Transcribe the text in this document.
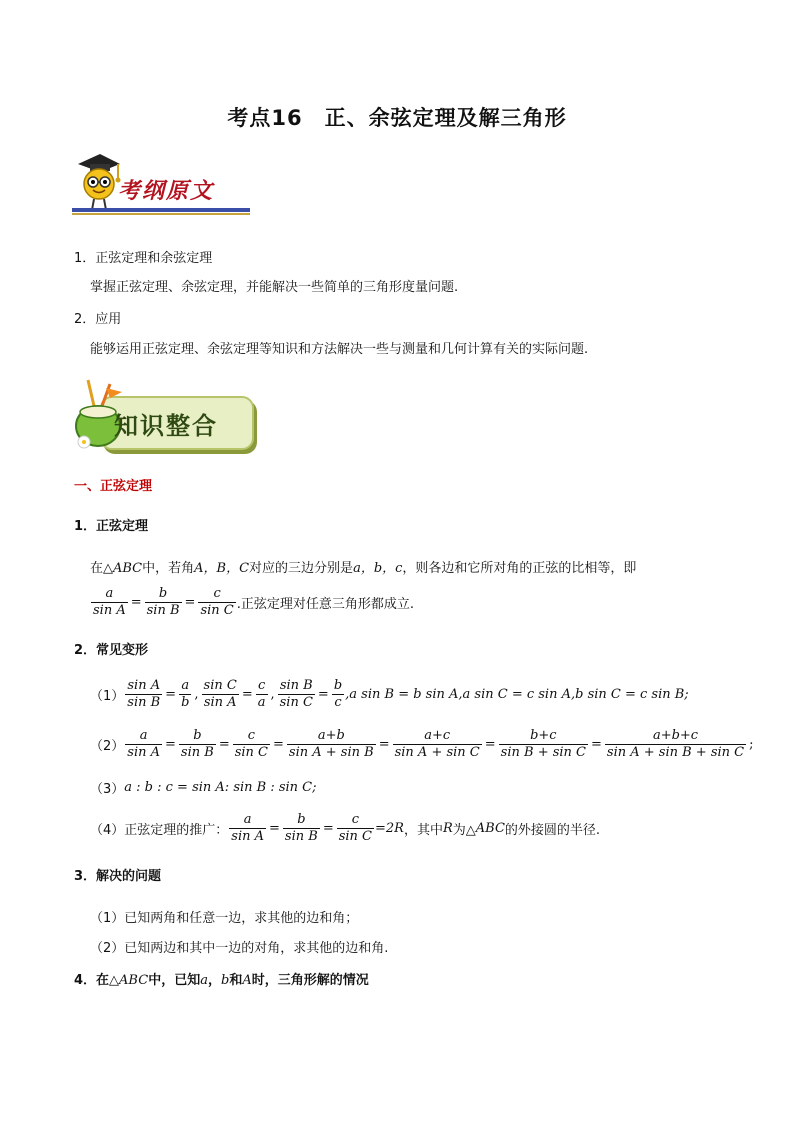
考点16　正、余弦定理及解三角形
考纲原文
1．正弦定理和余弦定理
掌握正弦定理、余弦定理，并能解决一些简单的三角形度量问题.
2．应用
能够运用正弦定理、余弦定理等知识和方法解决一些与测量和几何计算有关的实际问题.
知识整合
一、正弦定理
1．正弦定理
在△ABC中，若角A，B，C对应的三边分别是a，b，c，则各边和它所对角的正弦的比相等，即
$\frac{a}{\text{sin A}} = \frac{b}{\text{sin B}} = \frac{c}{\text{sin C}}$ .正弦定理对任意三角形都成立.
2．常见变形
$(1) \frac{\text{sin A}}{\text{sin B}} = \frac{a}{b}$ , $\frac{\text{sin C}}{\text{sin A}} = \frac{c}{a}$ , $\frac{\text{sin B}}{\text{sin C}} = \frac{b}{c} ,a$ sin B = b sin A,a sin C = c sin A,b sin C = c sin B;
$(2) \frac{a}{\text{sin A}} = \frac{b}{\text{sin B}} = \frac{c}{\text{sin C}} = \frac{a+b}{\text{sin A + sin B}} = \frac{a+c}{\text{sin A + sin C}} = \frac{b+c}{\text{sin B + sin C}} = \frac{a+b+c}{\text{sin A + sin B + sin C}}$ ;
（3） a : b : c = sin A: sin B : sin C;
（4）正弦定理的推广： $\frac{a}{\text{sin A}} = \frac{b}{\text{sin B}} = \frac{c}{\text{sin C}} =2R$ ，其中 R 为△ ABC 的外接圆的半径.
3．解决的问题
（1）已知两角和任意一边，求其他的边和角；
（2）已知两边和其中一边的对角，求其他的边和角.
4．在△ABC中，已知a，b和A时，三角形解的情况
